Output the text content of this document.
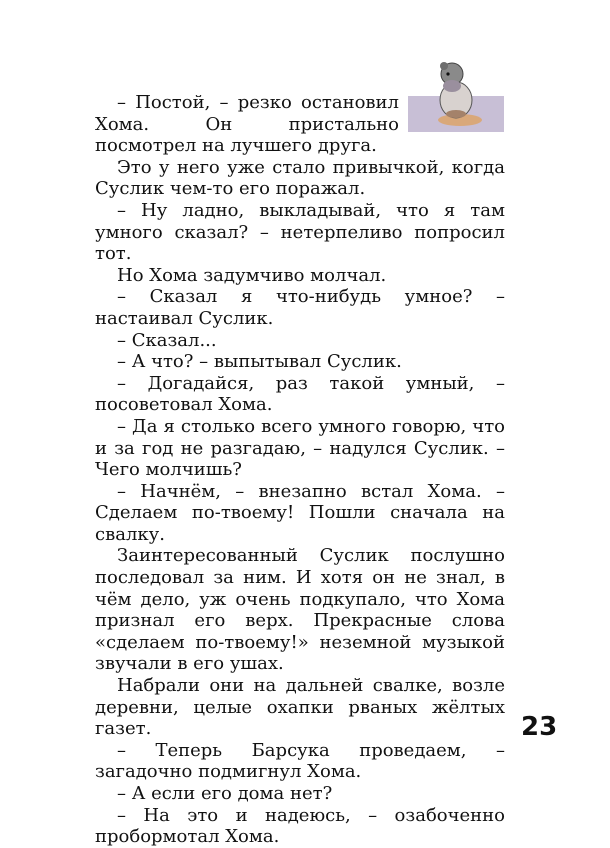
– Постой, – резко остановил Хома. Он пристально посмотрел на лучшего друга.

Это у него уже стало привычкой, когда Суслик чем-то его поражал.

– Ну ладно, выкладывай, что я там умного сказал? – нетерпеливо попросил тот.

Но Хома задумчиво молчал.

– Сказал я что-нибудь умное? – настаивал Суслик.

– Сказал...

– А что? – выпытывал Суслик.

– Догадайся, раз такой умный, – посоветовал Хома.

– Да я столько всего умного говорю, что и за год не разгадаю, – надулся Суслик. – Чего молчишь?

– Начнём, – внезапно встал Хома. – Сделаем по-твоему! Пошли сначала на свалку.

Заинтересованный Суслик послушно последовал за ним. И хотя он не знал, в чём дело, уж очень подкупало, что Хома признал его верх. Прекрасные слова «сделаем по-твоему!» неземной музыкой звучали в его ушах.

Набрали они на дальней свалке, возле деревни, целые охапки рваных жёлтых газет.

– Теперь Барсука проведаем, – загадочно подмигнул Хома.

– А если его дома нет?

– На это и надеюсь, – озабоченно пробормотал Хома.

23
